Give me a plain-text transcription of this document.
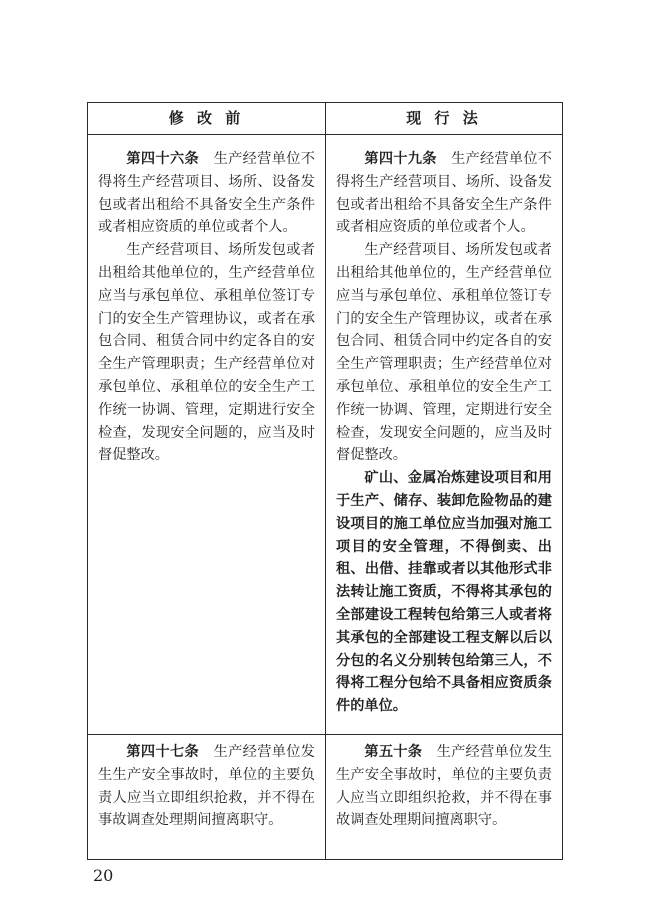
修 改 前	现 行 法

第四十六条　生产经营单位不得将生产经营项目、场所、设备发包或者出租给不具备安全生产条件或者相应资质的单位或者个人。

生产经营项目、场所发包或者出租给其他单位的，生产经营单位应当与承包单位、承租单位签订专门的安全生产管理协议，或者在承包合同、租赁合同中约定各自的安全生产管理职责；生产经营单位对承包单位、承租单位的安全生产工作统一协调、管理，定期进行安全检查，发现安全问题的，应当及时督促整改。

第四十九条　生产经营单位不得将生产经营项目、场所、设备发包或者出租给不具备安全生产条件或者相应资质的单位或者个人。

生产经营项目、场所发包或者出租给其他单位的，生产经营单位应当与承包单位、承租单位签订专门的安全生产管理协议，或者在承包合同、租赁合同中约定各自的安全生产管理职责；生产经营单位对承包单位、承租单位的安全生产工作统一协调、管理，定期进行安全检查，发现安全问题的，应当及时督促整改。

矿山、金属冶炼建设项目和用于生产、储存、装卸危险物品的建设项目的施工单位应当加强对施工项目的安全管理，不得倒卖、出租、出借、挂靠或者以其他形式非法转让施工资质，不得将其承包的全部建设工程转包给第三人或者将其承包的全部建设工程支解以后以分包的名义分别转包给第三人，不得将工程分包给不具备相应资质条件的单位。

第四十七条　生产经营单位发生生产安全事故时，单位的主要负责人应当立即组织抢救，并不得在事故调查处理期间擅离职守。

第五十条　生产经营单位发生生产安全事故时，单位的主要负责人应当立即组织抢救，并不得在事故调查处理期间擅离职守。

20
